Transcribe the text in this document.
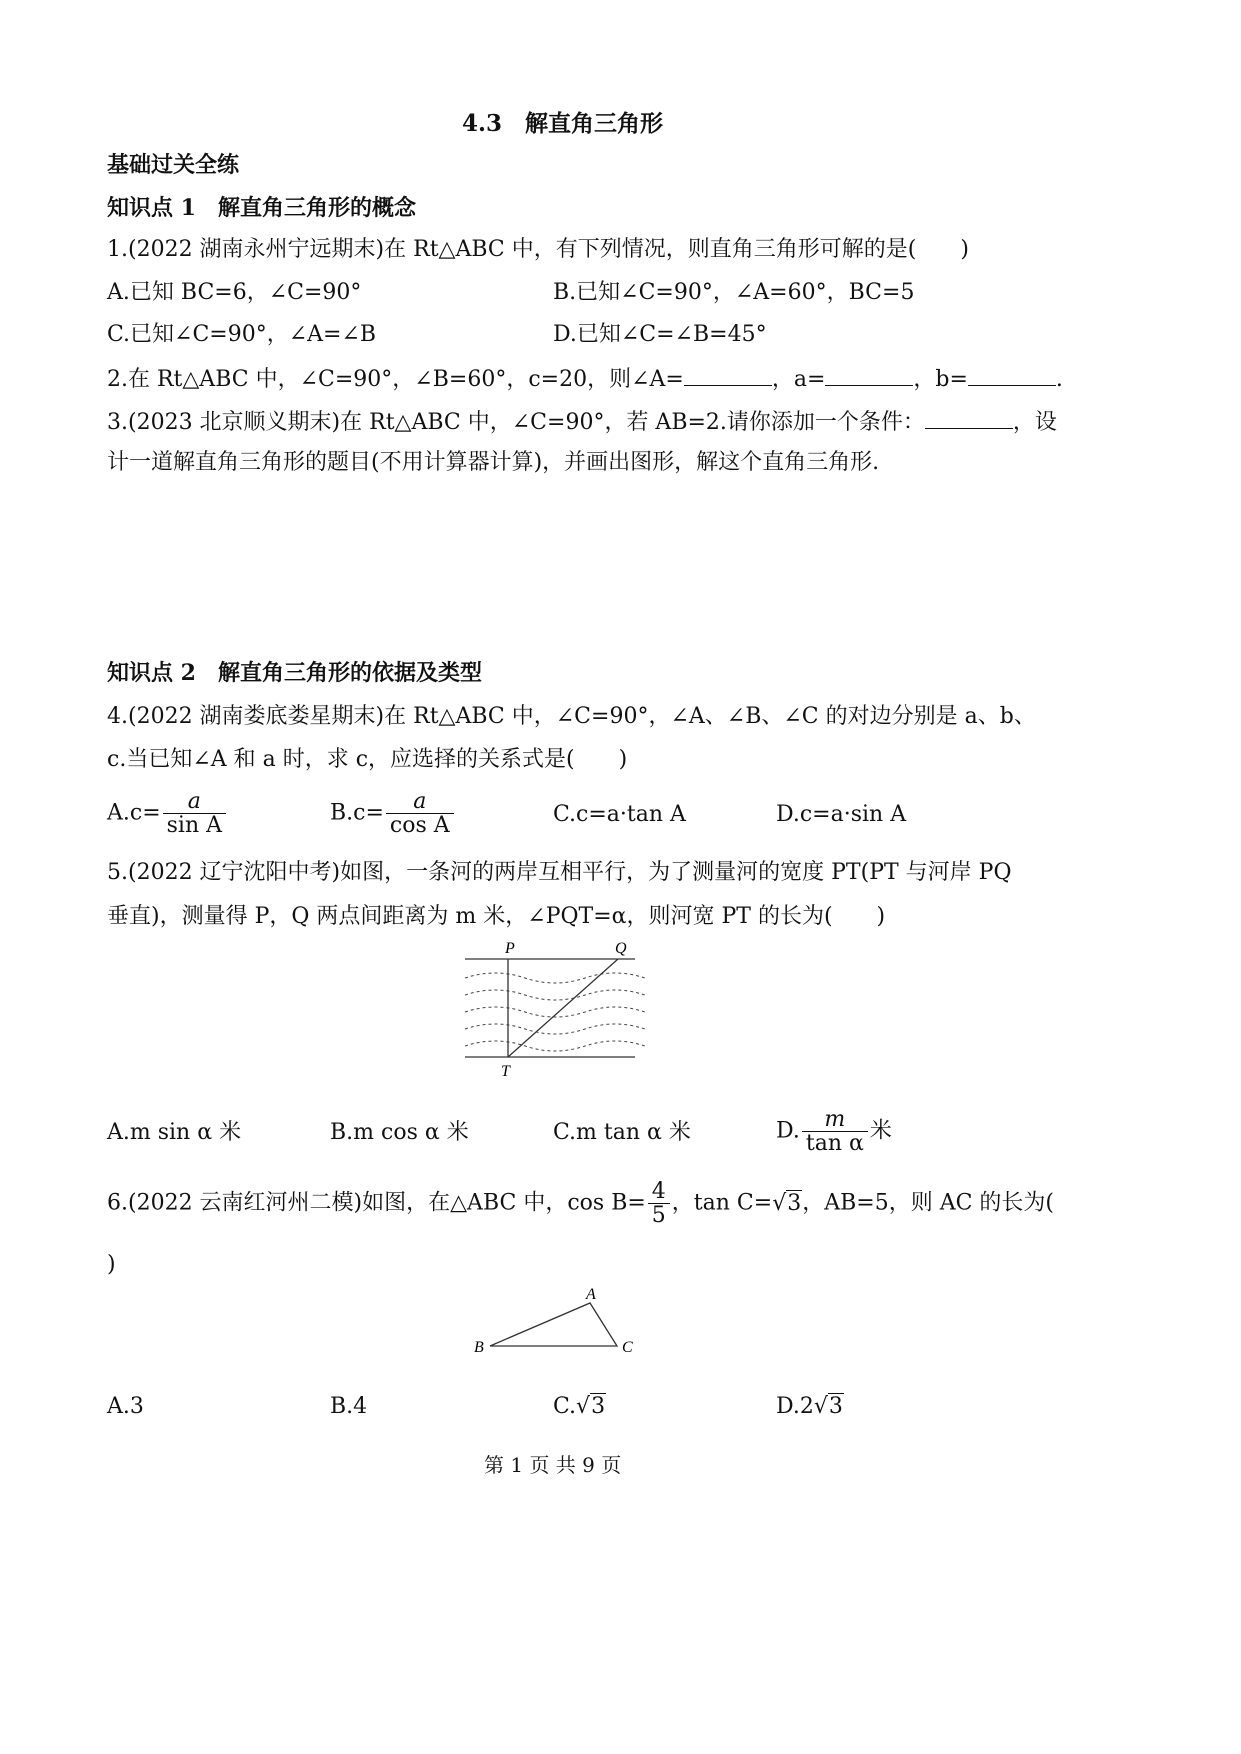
4.3　解直角三角形
基础过关全练
知识点 1　解直角三角形的概念
1.(2022 湖南永州宁远期末)在 Rt△ABC 中，有下列情况，则直角三角形可解的是(　　)
A.已知 BC=6，∠C=90°	B.已知∠C=90°，∠A=60°，BC=5
C.已知∠C=90°，∠A=∠B	D.已知∠C=∠B=45°
2.在 Rt△ABC 中，∠C=90°，∠B=60°，c=20，则∠A=	，a=	，b=	.
3.(2023 北京顺义期末)在 Rt△ABC 中，∠C=90°，若 AB=2.请你添加一个条件：	，设
计一道解直角三角形的题目(不用计算器计算)，并画出图形，解这个直角三角形.
知识点 2　解直角三角形的依据及类型
4.(2022 湖南娄底娄星期末)在 Rt△ABC 中，∠C=90°，∠A、∠B、∠C 的对边分别是 a、b、
c.当已知∠A 和 a 时，求 c，应选择的关系式是(　　)
$A.c= \frac{a}{\text{sin A}}$	$B.c= \frac{a}{\text{cos A}}$	C.c=a·tan A	D.c=a·sin A
5.(2022 辽宁沈阳中考)如图，一条河的两岸互相平行，为了测量河的宽度 PT(PT 与河岸 PQ
垂直)，测量得 P，Q 两点间距离为 m 米，∠PQT=α，则河宽 PT 的长为(　　)
P	Q
T
A.m sin α 米	B.m cos α 米	C.m tan α 米	D. $\frac{m}{\text{tan α}}$ 米
6.(2022 云南红河州二模)如图，在△ABC 中，$\cos B= \frac{4}{5}$ ，tan C=√3，AB=5，则 AC 的长为(
)
A
B	C
A.3	B.4	C.√3	D.2√3
第 1 页 共 9 页
